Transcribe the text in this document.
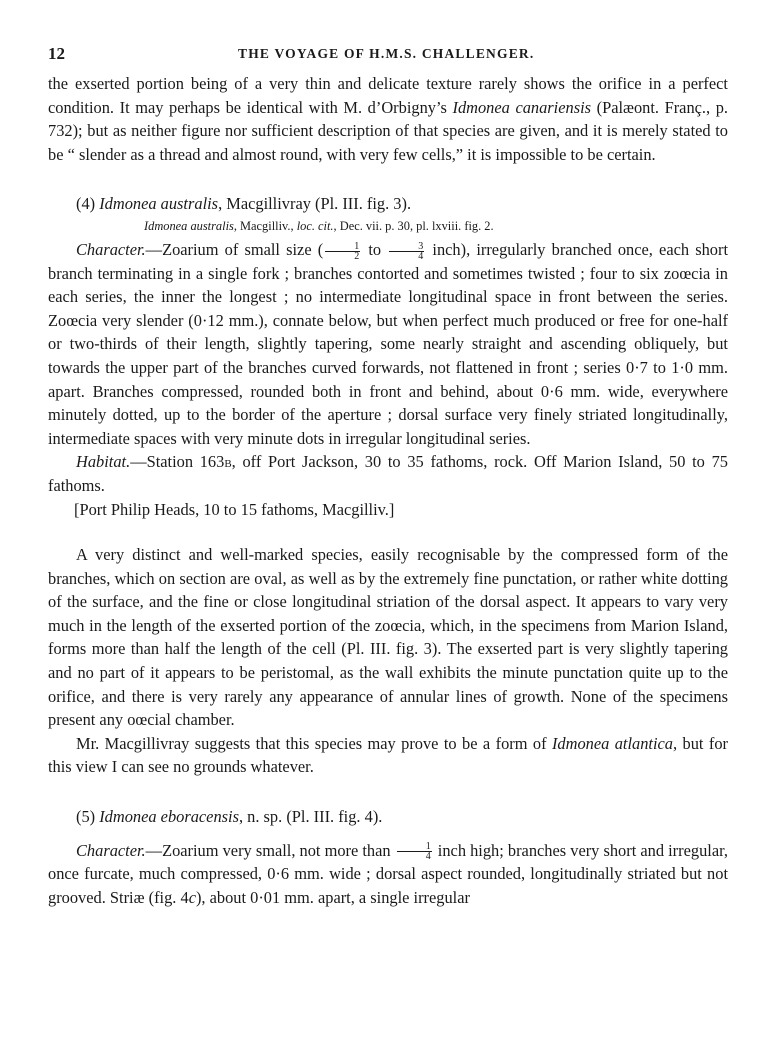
12	THE VOYAGE OF H.M.S. CHALLENGER.

the exserted portion being of a very thin and delicate texture rarely shows the orifice in a perfect condition. It may perhaps be identical with M. d’Orbigny’s Idmonea canariensis (Palæont. Franç., p. 732); but as neither figure nor sufficient description of that species are given, and it is merely stated to be “ slender as a thread and almost round, with very few cells,” it is impossible to be certain.

(4) Idmonea australis, Macgillivray (Pl. III. fig. 3).
Idmonea australis, Macgilliv., loc. cit., Dec. vii. p. 30, pl. lxviii. fig. 2.

Character.—Zoarium of small size ( $\frac{1}{2}$ to $\frac{3}{4}$ inch), irregularly branched once, each short branch terminating in a single fork ; branches contorted and sometimes twisted ; four to six zoœcia in each series, the inner the longest ; no intermediate longitudinal space in front between the series. Zoœcia very slender (0·12 mm.), connate below, but when perfect much produced or free for one-half or two-thirds of their length, slightly tapering, some nearly straight and ascending obliquely, but towards the upper part of the branches curved forwards, not flattened in front ; series 0·7 to 1·0 mm. apart. Branches compressed, rounded both in front and behind, about 0·6 mm. wide, everywhere minutely dotted, up to the border of the aperture ; dorsal surface very finely striated longitudinally, intermediate spaces with very minute dots in irregular longitudinal series.

Habitat.—Station 163b, off Port Jackson, 30 to 35 fathoms, rock. Off Marion Island, 50 to 75 fathoms.

[Port Philip Heads, 10 to 15 fathoms, Macgilliv.]

A very distinct and well-marked species, easily recognisable by the compressed form of the branches, which on section are oval, as well as by the extremely fine punctation, or rather white dotting of the surface, and the fine or close longitudinal striation of the dorsal aspect. It appears to vary very much in the length of the exserted portion of the zoœcia, which, in the specimens from Marion Island, forms more than half the length of the cell (Pl. III. fig. 3). The exserted part is very slightly tapering and no part of it appears to be peristomal, as the wall exhibits the minute punctation quite up to the orifice, and there is very rarely any appearance of annular lines of growth. None of the specimens present any oœcial chamber.

Mr. Macgillivray suggests that this species may prove to be a form of Idmonea atlantica, but for this view I can see no grounds whatever.

(5) Idmonea eboracensis, n. sp. (Pl. III. fig. 4).

Character.—Zoarium very small, not more than $\frac{1}{4}$ inch high; branches very short and irregular, once furcate, much compressed, 0·6 mm. wide ; dorsal aspect rounded, longitudinally striated but not grooved. Striæ (fig. 4c), about 0·01 mm. apart, a single irregular
